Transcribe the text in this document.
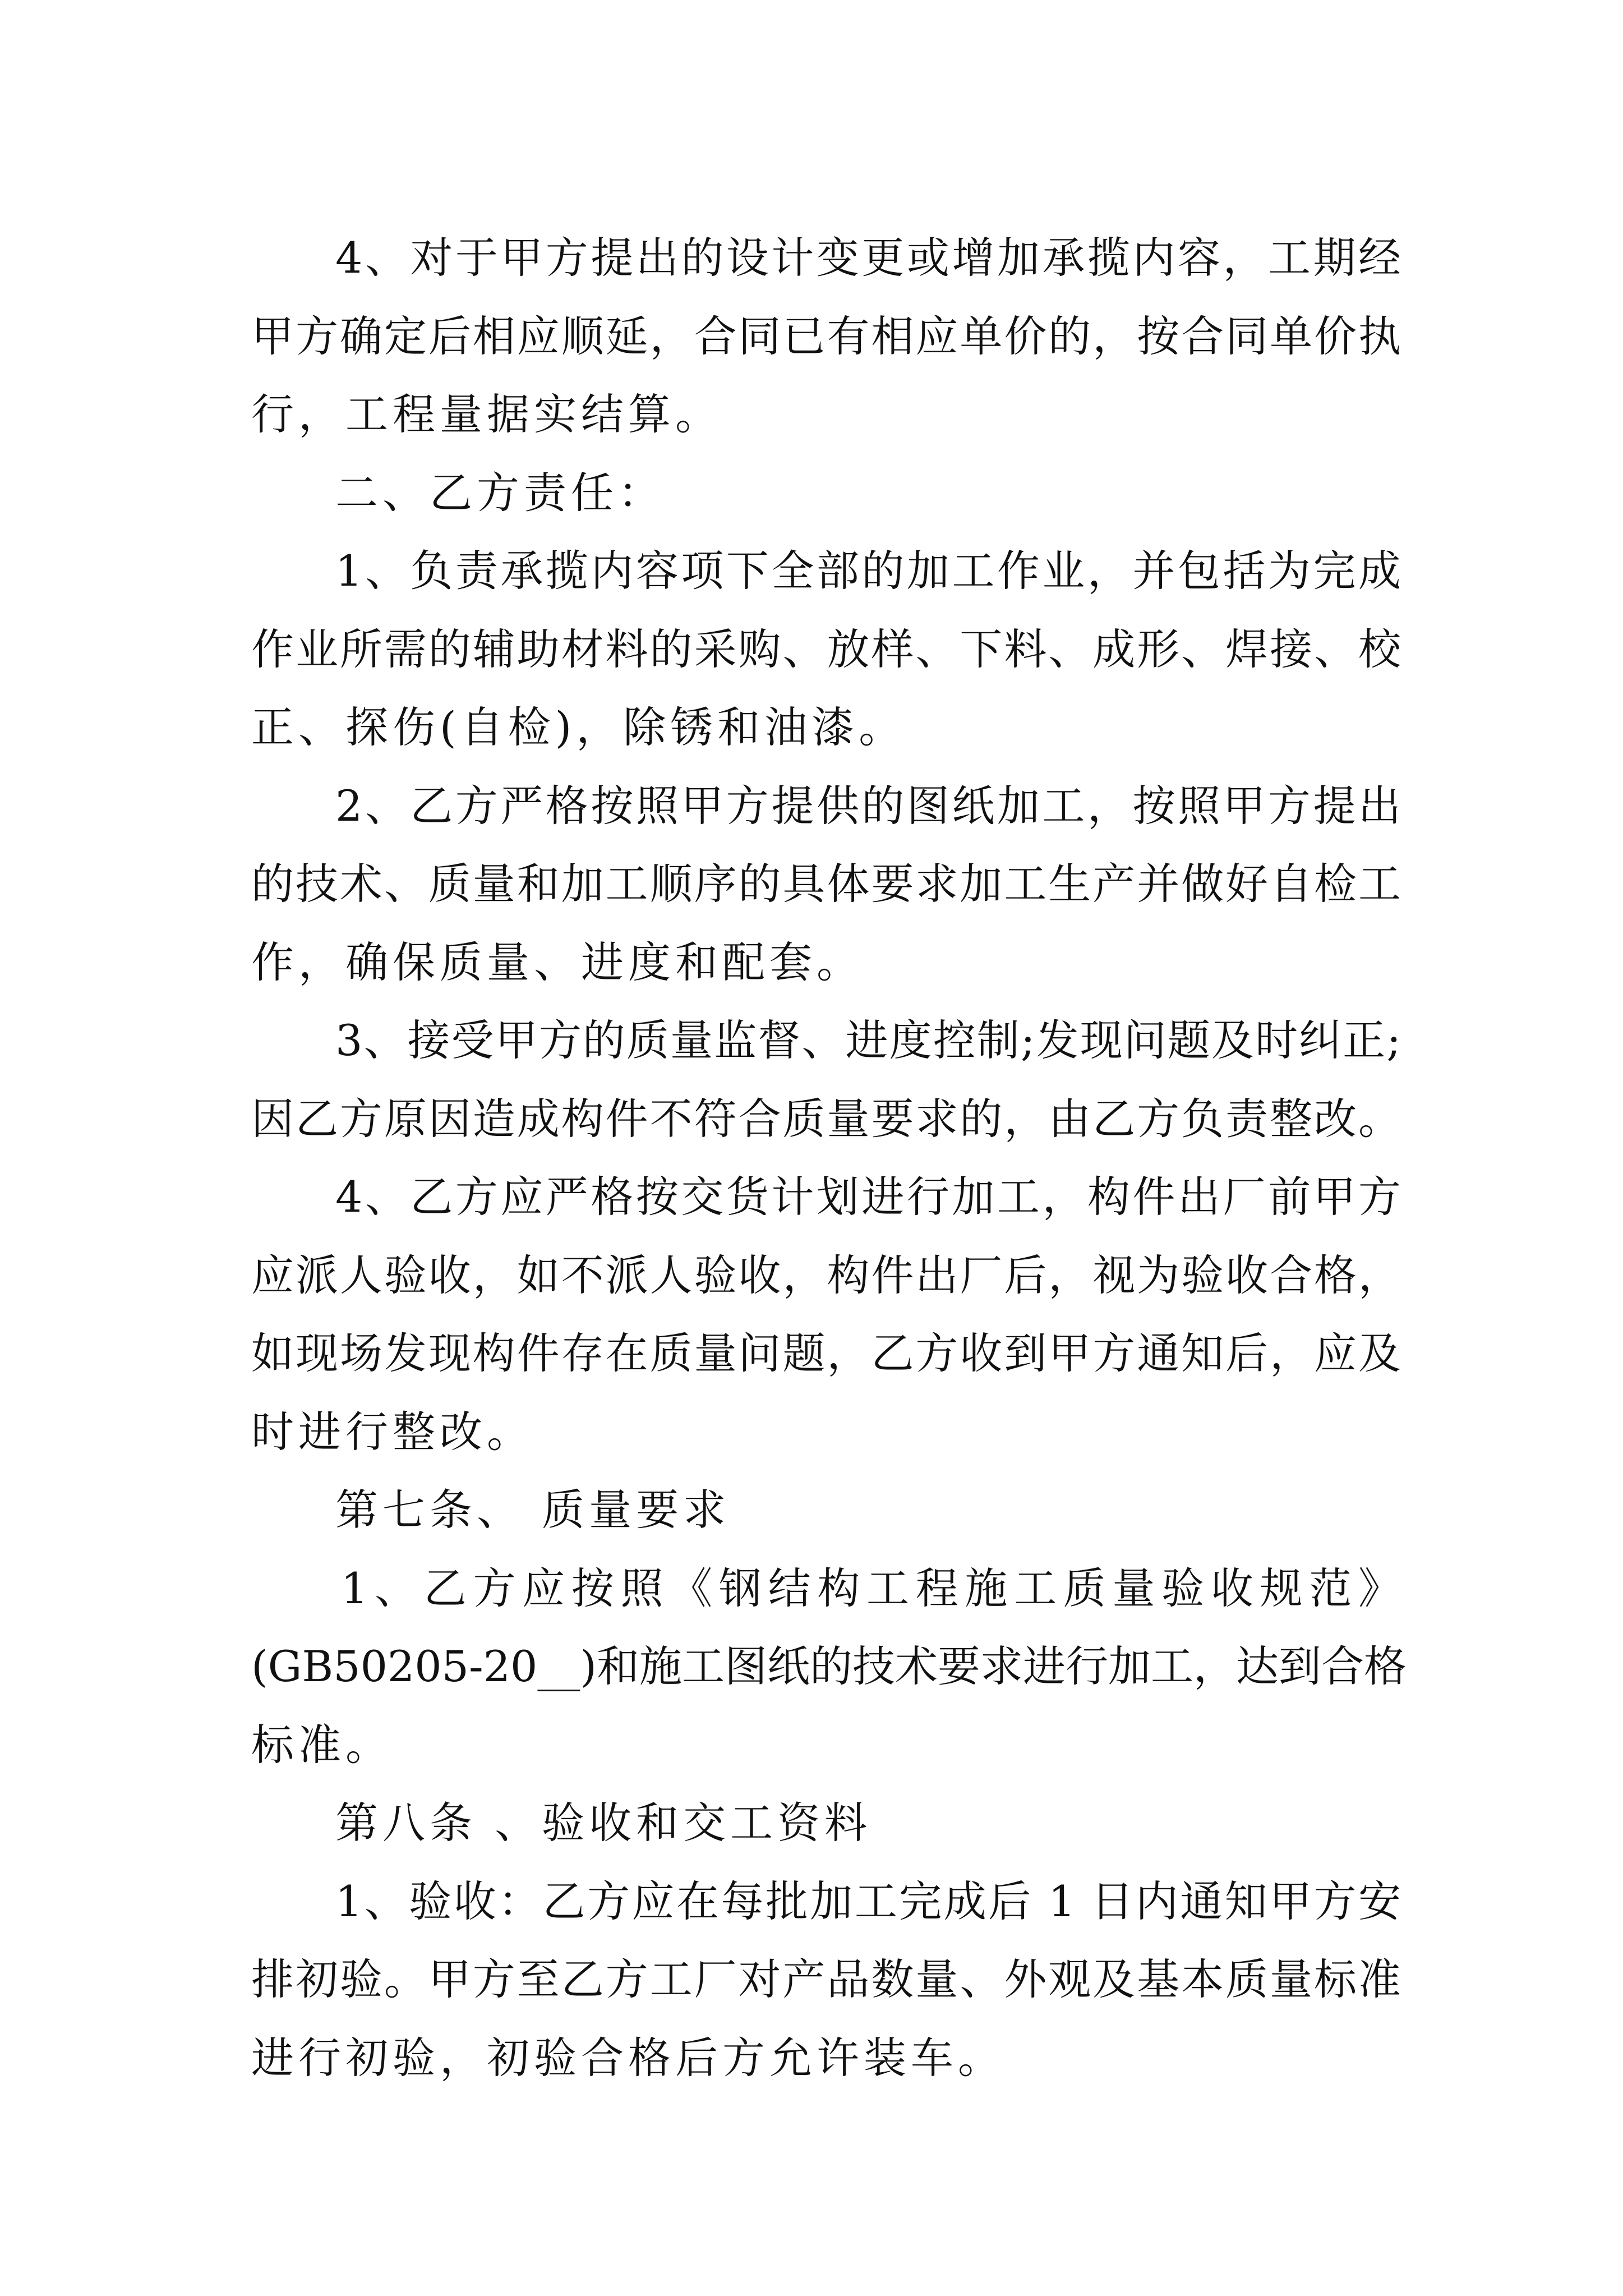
4、对于甲方提出的设计变更或增加承揽内容，工期经
甲方确定后相应顺延，合同已有相应单价的，按合同单价执
行，工程量据实结算。
二、乙方责任：
1、负责承揽内容项下全部的加工作业，并包括为完成
作业所需的辅助材料的采购、放样、下料、成形、焊接、校
正、探伤(自检)，除锈和油漆。
2、乙方严格按照甲方提供的图纸加工，按照甲方提出
的技术、质量和加工顺序的具体要求加工生产并做好自检工
作，确保质量、进度和配套。
3、接受甲方的质量监督、进度控制;发现问题及时纠正;
因乙方原因造成构件不符合质量要求的，由乙方负责整改。
4、乙方应严格按交货计划进行加工，构件出厂前甲方
应派人验收，如不派人验收，构件出厂后，视为验收合格，
如现场发现构件存在质量问题，乙方收到甲方通知后，应及
时进行整改。
第七条、 质量要求
1、乙方应按照《钢结构工程施工质量验收规范》
(GB50205-20__)和施工图纸的技术要求进行加工，达到合格
标准。
第八条 、验收和交工资料
1、验收：乙方应在每批加工完成后 1 日内通知甲方安
排初验。甲方至乙方工厂对产品数量、外观及基本质量标准
进行初验，初验合格后方允许装车。
